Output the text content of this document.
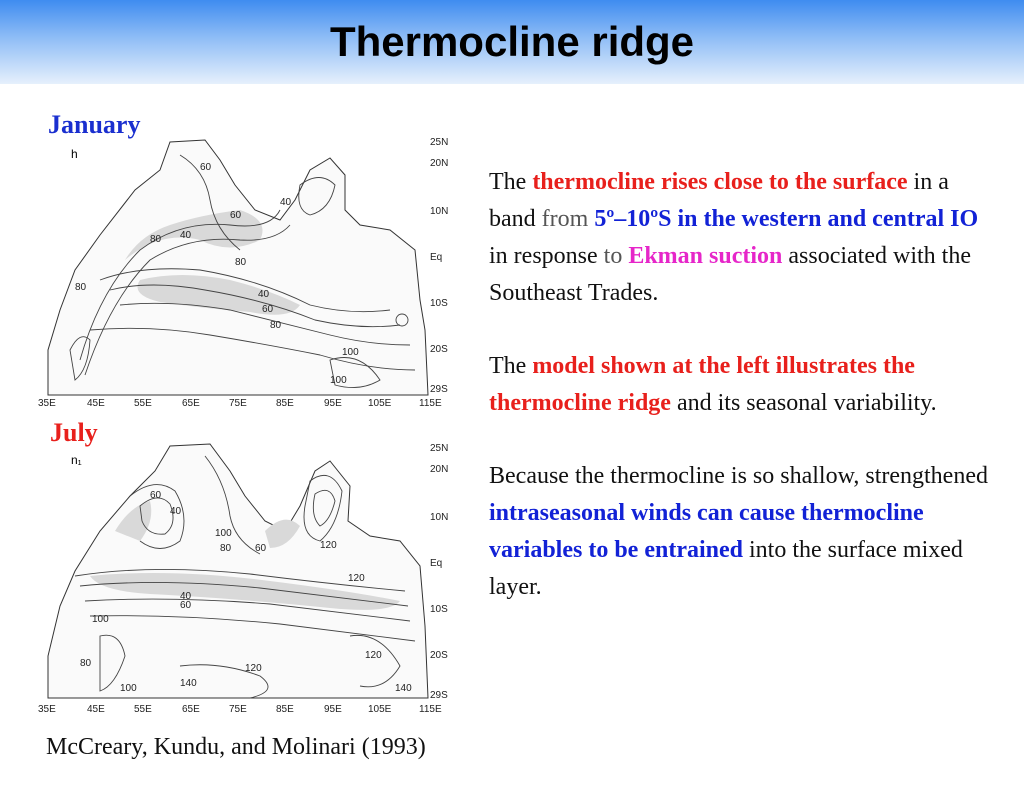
Thermocline ridge
January
h
80
60
40
80
40
60
80
100
100
80
40
60
25N
20N
10N
Eq
10S
20S
29S
35E	45E	55E	65E	75E	85E	95E	105E	115E
July
n₁
60
40
100
60
80	120
120
40
60
100
80	120
140
120
140
100
25N
20N
10N
Eq
10S
20S
29S
35E	45E	55E	65E	75E	85E	95E	105E	115E

The thermocline rises close to the surface in a band from 5º–10ºS in the western and central IO in response to Ekman suction associated with the Southeast Trades.

The model shown at the left illustrates the thermocline ridge and its seasonal variability.

Because the thermocline is so shallow, strengthened intraseasonal winds can cause thermocline variables to be entrained into the surface mixed layer.

McCreary, Kundu, and Molinari (1993)
